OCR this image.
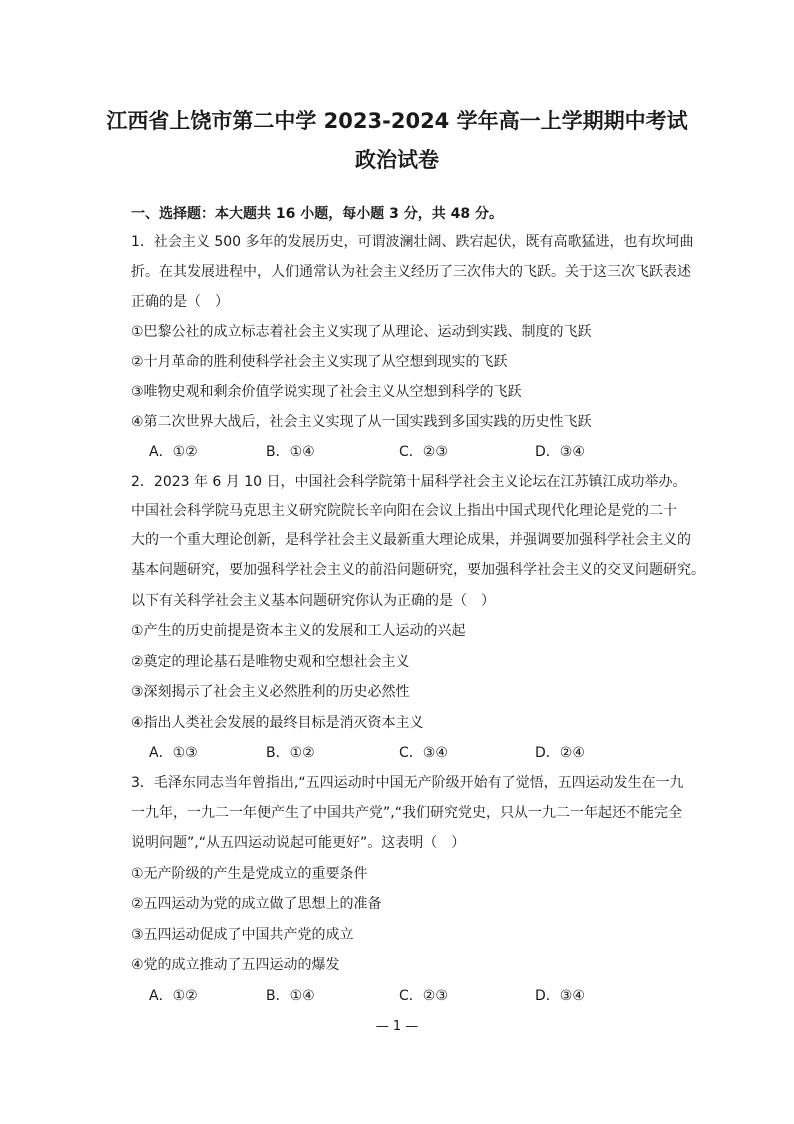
江西省上饶市第二中学 2023-2024 学年高一上学期期中考试
政治试卷
一、选择题：本大题共 16 小题，每小题 3 分，共 48 分。
1．社会主义 500 多年的发展历史，可谓波澜壮阔、跌宕起伏，既有高歌猛进，也有坎坷曲
折。在其发展进程中，人们通常认为社会主义经历了三次伟大的飞跃。关于这三次飞跃表述
正确的是（　）
①巴黎公社的成立标志着社会主义实现了从理论、运动到实践、制度的飞跃
②十月革命的胜利使科学社会主义实现了从空想到现实的飞跃
③唯物史观和剩余价值学说实现了社会主义从空想到科学的飞跃
④第二次世界大战后，社会主义实现了从一国实践到多国实践的历史性飞跃
A．①②	B．①④	C．②③	D．③④
2．2023 年 6 月 10 日，中国社会科学院第十届科学社会主义论坛在江苏镇江成功举办。
中国社会科学院马克思主义研究院院长辛向阳在会议上指出中国式现代化理论是党的二十
大的一个重大理论创新，是科学社会主义最新重大理论成果，并强调要加强科学社会主义的
基本问题研究，要加强科学社会主义的前沿问题研究，要加强科学社会主义的交叉问题研究。
以下有关科学社会主义基本问题研究你认为正确的是（　）
①产生的历史前提是资本主义的发展和工人运动的兴起
②奠定的理论基石是唯物史观和空想社会主义
③深刻揭示了社会主义必然胜利的历史必然性
④指出人类社会发展的最终目标是消灭资本主义
A．①③	B．①②	C．③④	D．②④
3．毛泽东同志当年曾指出,“五四运动时中国无产阶级开始有了觉悟，五四运动发生在一九
一九年，一九二一年便产生了中国共产党”,“我们研究党史，只从一九二一年起还不能完全
说明问题”,“从五四运动说起可能更好”。这表明（　）
①无产阶级的产生是党成立的重要条件
②五四运动为党的成立做了思想上的准备
③五四运动促成了中国共产党的成立
④党的成立推动了五四运动的爆发
A．①②	B．①④	C．②③	D．③④
— 1 —
